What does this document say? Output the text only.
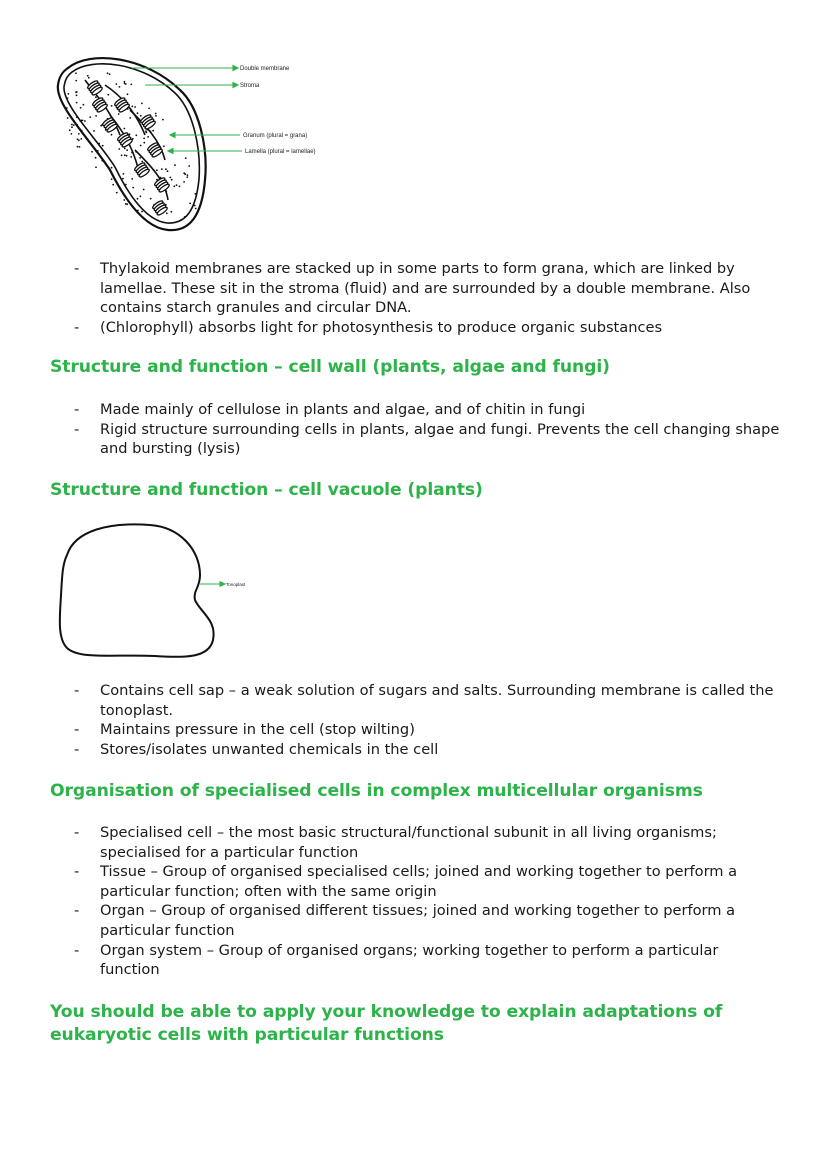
Double membrane
Stroma
Granum (plural = grana)
Lamella (plural = lamellae)
- Thylakoid membranes are stacked up in some parts to form grana, which are linked by lamellae. These sit in the stroma (fluid) and are surrounded by a double membrane. Also contains starch granules and circular DNA.
- (Chlorophyll) absorbs light for photosynthesis to produce organic substances
Structure and function – cell wall (plants, algae and fungi)
- Made mainly of cellulose in plants and algae, and of chitin in fungi
- Rigid structure surrounding cells in plants, algae and fungi. Prevents the cell changing shape and bursting (lysis)
Structure and function – cell vacuole (plants)
Tonoplast
- Contains cell sap – a weak solution of sugars and salts. Surrounding membrane is called the tonoplast.
- Maintains pressure in the cell (stop wilting)
- Stores/isolates unwanted chemicals in the cell
Organisation of specialised cells in complex multicellular organisms
- Specialised cell – the most basic structural/functional subunit in all living organisms; specialised for a particular function
- Tissue – Group of organised specialised cells; joined and working together to perform a particular function; often with the same origin
- Organ – Group of organised different tissues; joined and working together to perform a particular function
- Organ system – Group of organised organs; working together to perform a particular function
You should be able to apply your knowledge to explain adaptations of eukaryotic cells with particular functions
